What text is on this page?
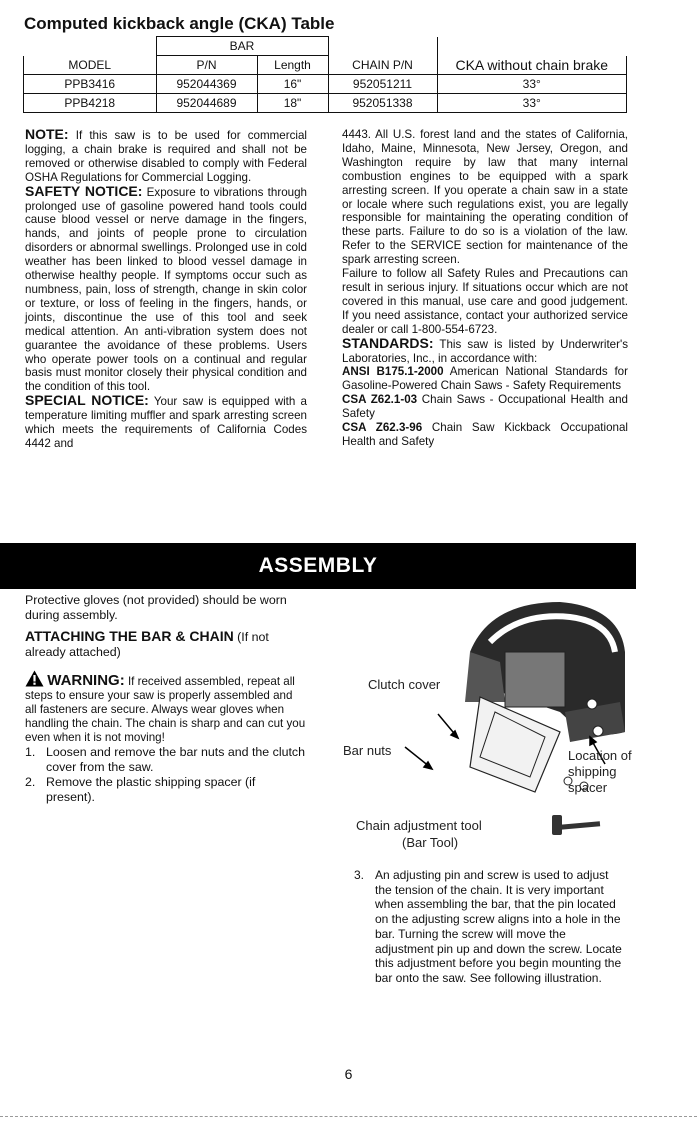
Computed kickback angle (CKA) Table
	BAR			
MODEL	P/N	Length	CHAIN P/N	CKA without chain brake
PPB3416	952044369	16"	952051211	33°
PPB4218	952044689	18"	952051338	33°

NOTE: If this saw is to be used for commercial logging, a chain brake is required and shall not be removed or otherwise disabled to comply with Federal OSHA Regulations for Commercial Logging.

SAFETY NOTICE: Exposure to vibrations through prolonged use of gasoline powered hand tools could cause blood vessel or nerve damage in the fingers, hands, and joints of people prone to circulation disorders or abnormal swellings. Prolonged use in cold weather has been linked to blood vessel damage in otherwise healthy people. If symptoms occur such as numbness, pain, loss of strength, change in skin color or texture, or loss of feeling in the fingers, hands, or joints, discontinue the use of this tool and seek medical attention. An anti-vibration system does not guarantee the avoidance of these problems. Users who operate power tools on a continual and regular basis must monitor closely their physical condition and the condition of this tool.

SPECIAL NOTICE: Your saw is equipped with a temperature limiting muffler and spark arresting screen which meets the requirements of California Codes 4442 and

4443. All U.S. forest land and the states of California, Idaho, Maine, Minnesota, New Jersey, Oregon, and Washington require by law that many internal combustion engines to be equipped with a spark arresting screen. If you operate a chain saw in a state or locale where such regulations exist, you are legally responsible for maintaining the operating condition of these parts. Failure to do so is a violation of the law. Refer to the SERVICE section for maintenance of the spark arresting screen.

Failure to follow all Safety Rules and Precautions can result in serious injury. If situations occur which are not covered in this manual, use care and good judgement. If you need assistance, contact your authorized service dealer or call 1-800-554-6723.

STANDARDS: This saw is listed by Underwriter's Laboratories, Inc., in accordance with:

ANSI B175.1-2000 American National Standards for Gasoline-Powered Chain Saws - Safety Requirements

CSA Z62.1-03 Chain Saws - Occupational Health and Safety

CSA Z62.3-96 Chain Saw Kickback Occupational Health and Safety

ASSEMBLY

Protective gloves (not provided) should be worn during assembly.

ATTACHING THE BAR & CHAIN (If not already attached)

WARNING: If received assembled, repeat all steps to ensure your saw is properly assembled and all fasteners are secure. Always wear gloves when handling the chain. The chain is sharp and can cut you even when it is not moving!

1. Loosen and remove the bar nuts and the clutch cover from the saw.
2. Remove the plastic shipping spacer (if present).
Clutch cover
Bar nuts	Location of
shipping
spacer
Chain adjustment tool
(Bar Tool)
3. An adjusting pin and screw is used to adjust the tension of the chain. It is very important when assembling the bar, that the pin located on the adjusting screw aligns into a hole in the bar. Turning the screw will move the adjustment pin up and down the screw. Locate this adjustment before you begin mounting the bar onto the saw. See following illustration.
6
